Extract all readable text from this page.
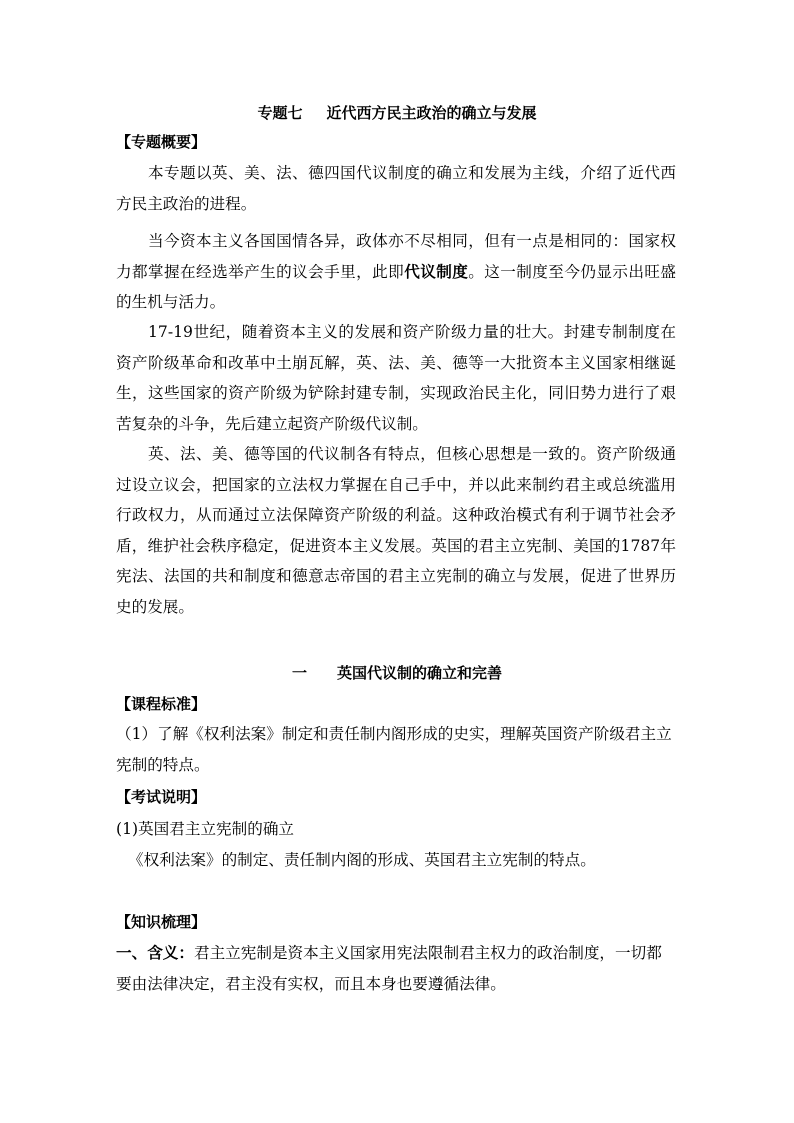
专题七 近代西方民主政治的确立与发展
【专题概要】
本专题以英、美、法、德四国代议制度的确立和发展为主线，介绍了近代西方民主政治的进程。
当今资本主义各国国情各异，政体亦不尽相同，但有一点是相同的：国家权力都掌握在经选举产生的议会手里，此即代议制度。这一制度至今仍显示出旺盛的生机与活力。
17-19世纪，随着资本主义的发展和资产阶级力量的壮大。封建专制制度在资产阶级革命和改革中土崩瓦解，英、法、美、德等一大批资本主义国家相继诞生，这些国家的资产阶级为铲除封建专制，实现政治民主化，同旧势力进行了艰苦复杂的斗争，先后建立起资产阶级代议制。
英、法、美、德等国的代议制各有特点，但核心思想是一致的。资产阶级通过设立议会，把国家的立法权力掌握在自己手中，并以此来制约君主或总统滥用行政权力，从而通过立法保障资产阶级的利益。这种政治模式有利于调节社会矛盾，维护社会秩序稳定，促进资本主义发展。英国的君主立宪制、美国的1787年宪法、法国的共和制度和德意志帝国的君主立宪制的确立与发展，促进了世界历史的发展。
一 英国代议制的确立和完善
【课程标准】
（1）了解《权利法案》制定和责任制内阁形成的史实，理解英国资产阶级君主立宪制的特点。
【考试说明】
(1)英国君主立宪制的确立
《权利法案》的制定、责任制内阁的形成、英国君主立宪制的特点。
【知识梳理】
一、含义：君主立宪制是资本主义国家用宪法限制君主权力的政治制度，一切都要由法律决定，君主没有实权，而且本身也要遵循法律。
